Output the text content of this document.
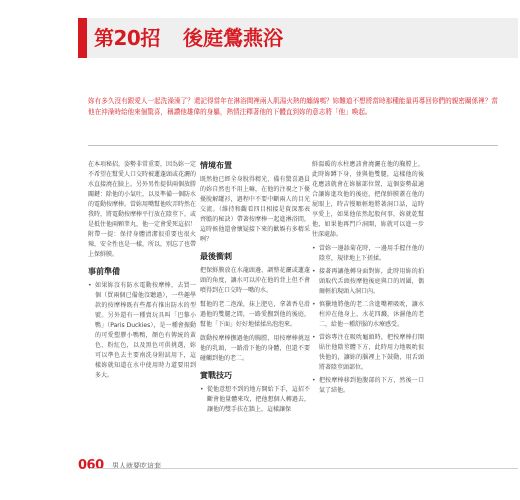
第20招 後庭鶯燕浴
妳有多久沒有跟愛人一起洗澡澡了？還記得當年在淋浴間裡兩人肌湯火熱的纏綿嗎？妳難道不想將當時那種能量再導回你們的親密關係裡？當他在沖澡時給他來個驚喜，稱讚他雄偉的身軀，熱情注釋著他的下體直到妳的意志將「他」喚起。

在本項秘招，姿勢非常重要，因為妳一定不希望在幫愛人口交時被蓮蓬頭或花灑的水直接澆在臉上。另外男性提供兩個放勝關鍵：除他的小氣吐，以及準備一個防水的電動按摩棒。當妳用嘴幫他吹弄時然在我時，將電動按摩棒平行放在陰莖下，或是抵住他兩顆睾丸，他一定會愛死這招！附帶一提：保持身體清潔很重要也很火辣，安全性也是一樣，所以，別忘了也帶上保鮮膜。

事前準備
• 如果妳沒有防水電動按摩棒，去買一個（買兩個已備他沒聽過），一些趣學款的按摩棒既有些都有推出防水的型號。另外還有一種賣玩具叫「巴黎小鴨」（Paris Duckies），是一種會振動的可愛塑膠小鴨鴨，顏色有傳統的黃色、粉紅色，以及黑色可供挑選，妳可以準色去主要南洗身附試用下，這樣妳就知道在水中使用時力道要用到多大。
情境布置

既然他已經全身脫得精光，備有驚喜過員的妳自然也不用上嘛，在他的注視之下優優脫解罐衫，過程中不要中斷兩人的目光交流。（維持和觀看四目相接是資深那表齊膽的秘訣）帶著按摩棒一起進淋浴間，這時候他還會懷疑接下來的歡娛有多精采咧？

最後衝刺

把保鮮膜放在水龍頭邊，調整花灑或蓮蓬頭的角度，讓水可以沖在他的背上但不會噴得到在口交時一嘴的水。

幫他的老二泡澡，抹上肥皂，拿著香皂滑過他的雙腿之間，一路愛撫到他的後庭，幫他「下面」好好地揉揉出泡泡來。

啟動按摩棒撫過他的胸膛，用按摩棒挑逗他的乳頭，一路滑下他的身體，但還不要碰觸到他的老二。

實戰技巧
• 從他意想不到的地方開始下手，這招不斷會他量體來攻，把他想個人轉過去，讓他的雙手扶在牆上，這樣讓保

鮮溫暖的水柱應該會澆灑在他的胸膛上，此時妳蹲下身，並與他雙腿，這樣他的後花應該就會在妳臉部位置，這個姿勢最適合讓妳進攻他的後庭，把保鮮膜蓋在他的屁眼上，時吉慢順輕地將著洞口話，這時享愛上，如果他依然起股何事，妳就乾幫他，如果他再門戶洞開，妳就可以進一步往深處舔。

• 當妳一邊舔菊花時，一邊用手握住他的陰莖，規律地上下搓揉。
• 接著再讓他轉身面對妳，此時用妳的拍頭取代舌頭按摩他後庭與口的周圍，偶爾輕拍現頭入洞口內。
• 慎獵地將他的老二含進嘴裡吸吮，讓水柱沖在他身上，水花四濺，沐濕他的老二，給他一種舒服的水療感受。
• 當妳專注在吸吮龜頭時，把按摩棒打開貼住他陰莖體下方，此時用力地吸吮很快他的，讓妳的腦裡上下鼓動，用舌頭將著陰莖頭部位。
• 把按摩棒移到他腹部的下方，然後一口氣了結他。
060 男人就要吃這套
